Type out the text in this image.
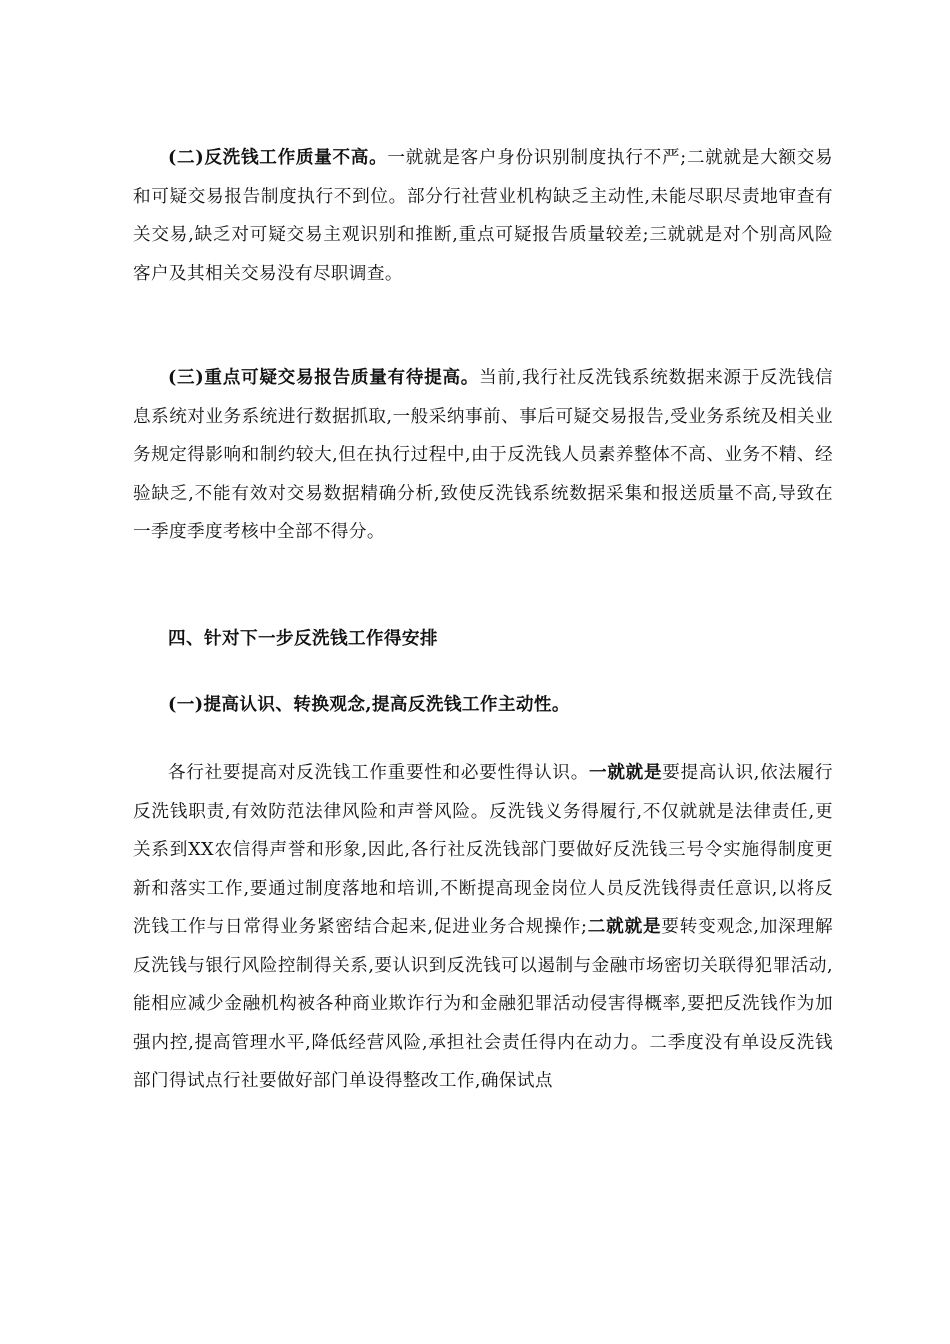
(二)反洗钱工作质量不高。一就就是客户身份识别制度执行不严;二就就是大额交易和可疑交易报告制度执行不到位。部分行社营业机构缺乏主动性,未能尽职尽责地审查有关交易,缺乏对可疑交易主观识别和推断,重点可疑报告质量较差;三就就是对个别高风险客户及其相关交易没有尽职调查。
(三)重点可疑交易报告质量有待提高。当前,我行社反洗钱系统数据来源于反洗钱信息系统对业务系统进行数据抓取,一般采纳事前、事后可疑交易报告,受业务系统及相关业务规定得影响和制约较大,但在执行过程中,由于反洗钱人员素养整体不高、业务不精、经验缺乏,不能有效对交易数据精确分析,致使反洗钱系统数据采集和报送质量不高,导致在一季度季度考核中全部不得分。
四、针对下一步反洗钱工作得安排
(一)提高认识、转换观念,提高反洗钱工作主动性。
各行社要提高对反洗钱工作重要性和必要性得认识。一就就是要提高认识,依法履行反洗钱职责,有效防范法律风险和声誉风险。反洗钱义务得履行,不仅就就是法律责任,更关系到XX农信得声誉和形象,因此,各行社反洗钱部门要做好反洗钱三号令实施得制度更新和落实工作,要通过制度落地和培训,不断提高现金岗位人员反洗钱得责任意识,以将反洗钱工作与日常得业务紧密结合起来,促进业务合规操作;二就就是要转变观念,加深理解反洗钱与银行风险控制得关系,要认识到反洗钱可以遏制与金融市场密切关联得犯罪活动,能相应减少金融机构被各种商业欺诈行为和金融犯罪活动侵害得概率,要把反洗钱作为加强内控,提高管理水平,降低经营风险,承担社会责任得内在动力。二季度没有单设反洗钱部门得试点行社要做好部门单设得整改工作,确保试点
